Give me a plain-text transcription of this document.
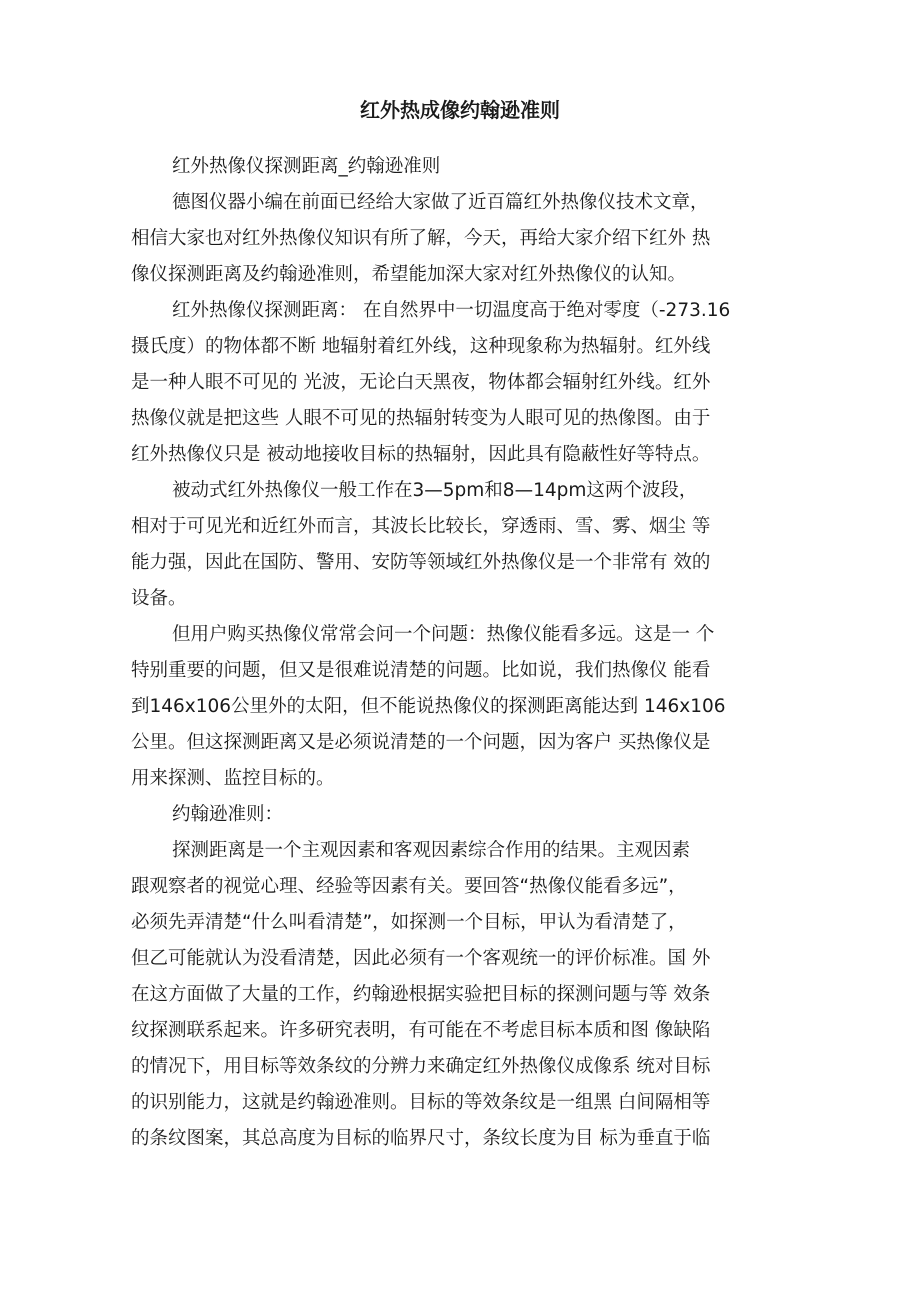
红外热成像约翰逊准则

红外热像仪探测距离_约翰逊准则

德图仪器小编在前面已经给大家做了近百篇红外热像仪技术文章，

相信大家也对红外热像仪知识有所了解，今天，再给大家介绍下红外 热

像仪探测距离及约翰逊准则，希望能加深大家对红外热像仪的认知。

红外热像仪探测距离： 在自然界中一切温度高于绝对零度（-273.16

摄氏度）的物体都不断 地辐射着红外线，这种现象称为热辐射。红外线

是一种人眼不可见的 光波，无论白天黑夜，物体都会辐射红外线。红外

热像仪就是把这些 人眼不可见的热辐射转变为人眼可见的热像图。由于

红外热像仪只是 被动地接收目标的热辐射，因此具有隐蔽性好等特点。

被动式红外热像仪一般工作在3—5pm和8—14pm这两个波段，

相对于可见光和近红外而言，其波长比较长，穿透雨、雪、雾、烟尘 等

能力强，因此在国防、警用、安防等领域红外热像仪是一个非常有 效的

设备。

但用户购买热像仪常常会问一个问题：热像仪能看多远。这是一 个

特别重要的问题，但又是很难说清楚的问题。比如说，我们热像仪 能看

到146x106公里外的太阳，但不能说热像仪的探测距离能达到 146x106

公里。但这探测距离又是必须说清楚的一个问题，因为客户 买热像仪是

用来探测、监控目标的。

约翰逊准则：

探测距离是一个主观因素和客观因素综合作用的结果。主观因素

跟观察者的视觉心理、经验等因素有关。要回答“热像仪能看多远”，

必须先弄清楚“什么叫看清楚”，如探测一个目标，甲认为看清楚了，

但乙可能就认为没看清楚，因此必须有一个客观统一的评价标准。国 外

在这方面做了大量的工作，约翰逊根据实验把目标的探测问题与等 效条

纹探测联系起来。许多研究表明，有可能在不考虑目标本质和图 像缺陷

的情况下，用目标等效条纹的分辨力来确定红外热像仪成像系 统对目标

的识别能力，这就是约翰逊准则。目标的等效条纹是一组黑 白间隔相等

的条纹图案，其总高度为目标的临界尺寸，条纹长度为目 标为垂直于临
